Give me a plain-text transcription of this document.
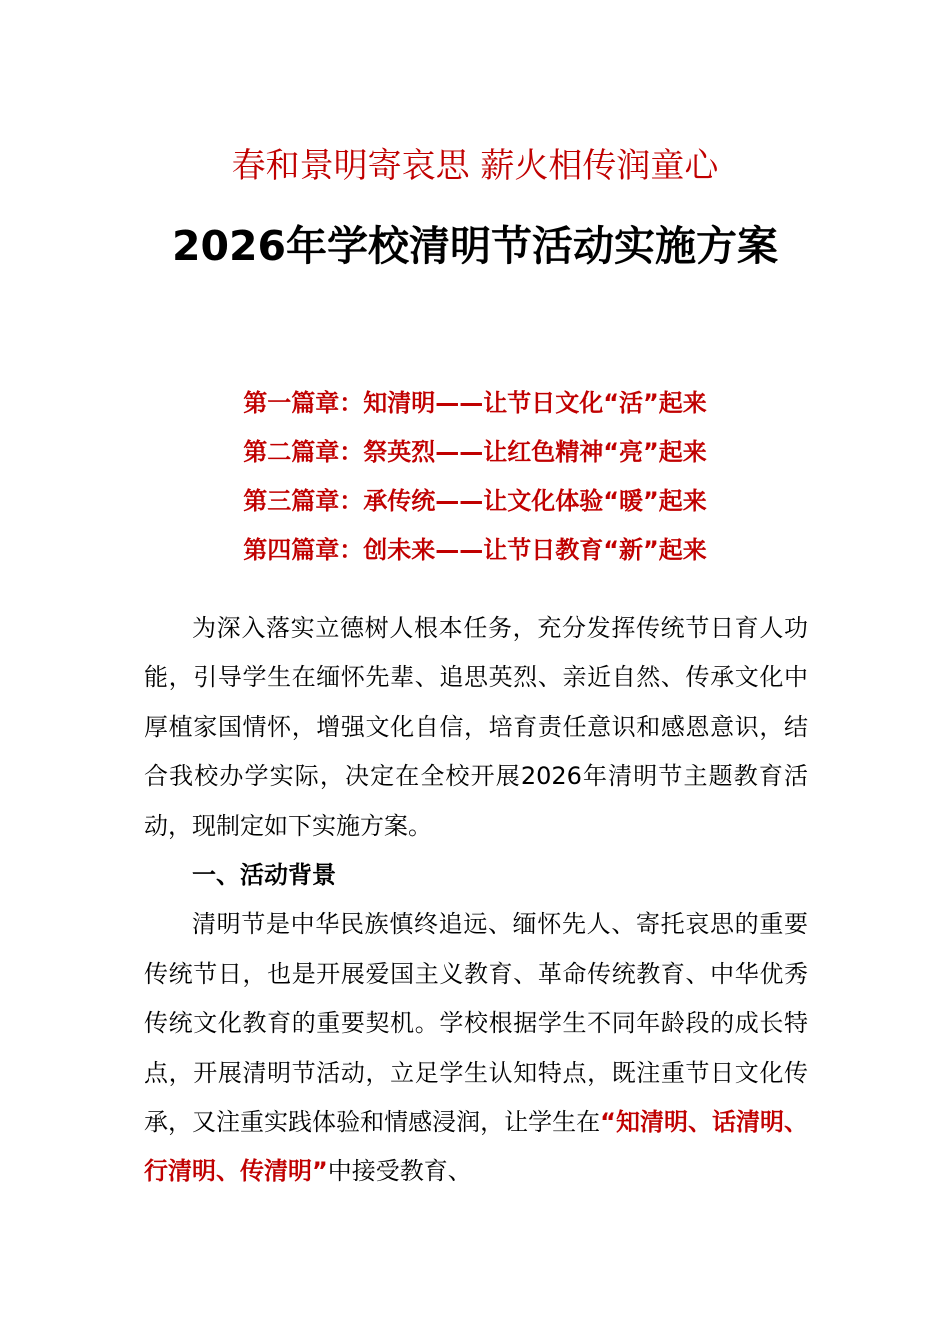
春和景明寄哀思 薪火相传润童心
2026年学校清明节活动实施方案
第一篇章：知清明——让节日文化“活”起来
第二篇章：祭英烈——让红色精神“亮”起来
第三篇章：承传统——让文化体验“暖”起来
第四篇章：创未来——让节日教育“新”起来

为深入落实立德树人根本任务，充分发挥传统节日育人功能，引导学生在缅怀先辈、追思英烈、亲近自然、传承文化中厚植家国情怀，增强文化自信，培育责任意识和感恩意识，结合我校办学实际，决定在全校开展2026年清明节主题教育活动，现制定如下实施方案。

一、活动背景

清明节是中华民族慎终追远、缅怀先人、寄托哀思的重要传统节日，也是开展爱国主义教育、革命传统教育、中华优秀传统文化教育的重要契机。学校根据学生不同年龄段的成长特点，开展清明节活动，立足学生认知特点，既注重节日文化传承，又注重实践体验和情感浸润，让学生在“知清明、话清明、行清明、传清明”中接受教育、
